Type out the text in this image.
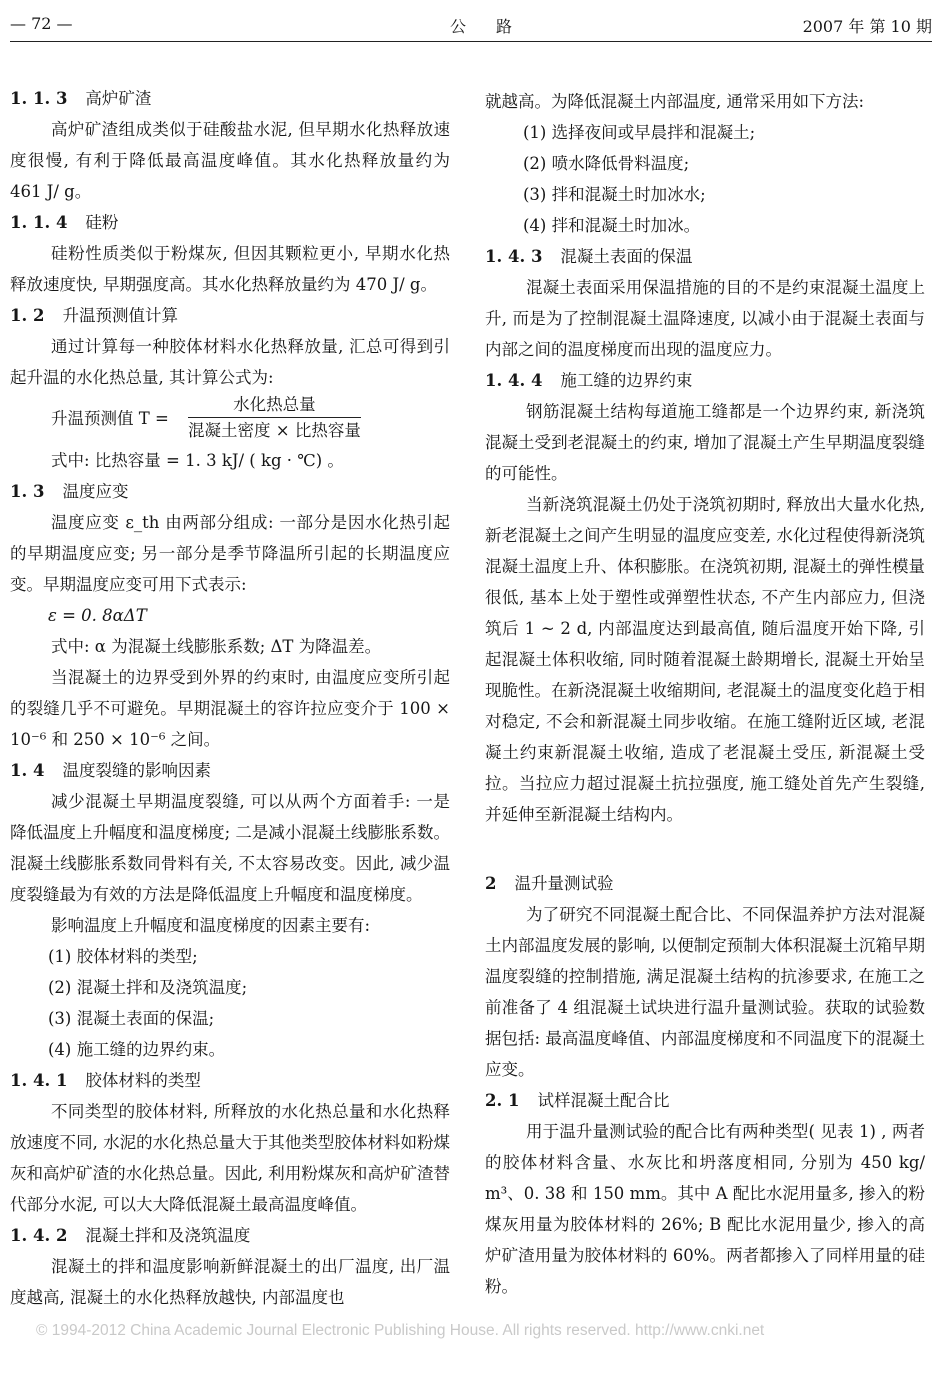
— 72 —	公路	2007 年 第 10 期
1. 1. 3 高炉矿渣

高炉矿渣组成类似于硅酸盐水泥, 但早期水化热释放速度很慢, 有利于降低最高温度峰值。其水化热释放量约为 461 J/ g。

1. 1. 4 硅粉

硅粉性质类似于粉煤灰, 但因其颗粒更小, 早期水化热释放速度快, 早期强度高。其水化热释放量约为 470 J/ g。

1. 2 升温预测值计算

通过计算每一种胶体材料水化热释放量, 汇总可得到引起升温的水化热总量, 其计算公式为:

升温预测值 T =
水化热总量
混凝土密度 × 比热容量

式中: 比热容量 = 1. 3 kJ/ ( kg · ℃) 。

1. 3 温度应变

温度应变 ε_th 由两部分组成: 一部分是因水化热引起的早期温度应变; 另一部分是季节降温所引起的长期温度应变。早期温度应变可用下式表示:

ε = 0. 8αΔT

式中: α 为混凝土线膨胀系数; ΔT 为降温差。

当混凝土的边界受到外界的约束时, 由温度应变所引起的裂缝几乎不可避免。早期混凝土的容许拉应变介于 100 × 10⁻⁶ 和 250 × 10⁻⁶ 之间。

1. 4 温度裂缝的影响因素

减少混凝土早期温度裂缝, 可以从两个方面着手: 一是降低温度上升幅度和温度梯度; 二是减小混凝土线膨胀系数。混凝土线膨胀系数同骨料有关, 不太容易改变。因此, 减少温度裂缝最为有效的方法是降低温度上升幅度和温度梯度。

影响温度上升幅度和温度梯度的因素主要有:

(1) 胶体材料的类型;

(2) 混凝土拌和及浇筑温度;

(3) 混凝土表面的保温;

(4) 施工缝的边界约束。

1. 4. 1 胶体材料的类型

不同类型的胶体材料, 所释放的水化热总量和水化热释放速度不同, 水泥的水化热总量大于其他类型胶体材料如粉煤灰和高炉矿渣的水化热总量。因此, 利用粉煤灰和高炉矿渣替代部分水泥, 可以大大降低混凝土最高温度峰值。

1. 4. 2 混凝土拌和及浇筑温度

混凝土的拌和温度影响新鲜混凝土的出厂温度, 出厂温度越高, 混凝土的水化热释放越快, 内部温度也

就越高。为降低混凝土内部温度, 通常采用如下方法:

(1) 选择夜间或早晨拌和混凝土;

(2) 喷水降低骨料温度;

(3) 拌和混凝土时加冰水;

(4) 拌和混凝土时加冰。

1. 4. 3 混凝土表面的保温

混凝土表面采用保温措施的目的不是约束混凝土温度上升, 而是为了控制混凝土温降速度, 以减小由于混凝土表面与内部之间的温度梯度而出现的温度应力。

1. 4. 4 施工缝的边界约束

钢筋混凝土结构每道施工缝都是一个边界约束, 新浇筑混凝土受到老混凝土的约束, 增加了混凝土产生早期温度裂缝的可能性。

当新浇筑混凝土仍处于浇筑初期时, 释放出大量水化热, 新老混凝土之间产生明显的温度应变差, 水化过程使得新浇筑混凝土温度上升、体积膨胀。在浇筑初期, 混凝土的弹性模量很低, 基本上处于塑性或弹塑性状态, 不产生内部应力, 但浇筑后 1 ~ 2 d, 内部温度达到最高值, 随后温度开始下降, 引起混凝土体积收缩, 同时随着混凝土龄期增长, 混凝土开始呈现脆性。在新浇混凝土收缩期间, 老混凝土的温度变化趋于相对稳定, 不会和新混凝土同步收缩。在施工缝附近区域, 老混凝土约束新混凝土收缩, 造成了老混凝土受压, 新混凝土受拉。当拉应力超过混凝土抗拉强度, 施工缝处首先产生裂缝, 并延伸至新混凝土结构内。

2 温升量测试验

为了研究不同混凝土配合比、不同保温养护方法对混凝土内部温度发展的影响, 以便制定预制大体积混凝土沉箱早期温度裂缝的控制措施, 满足混凝土结构的抗渗要求, 在施工之前准备了 4 组混凝土试块进行温升量测试验。获取的试验数据包括: 最高温度峰值、内部温度梯度和不同温度下的混凝土应变。

2. 1 试样混凝土配合比

用于温升量测试验的配合比有两种类型( 见表 1) , 两者的胶体材料含量、水灰比和坍落度相同, 分别为 450 kg/ m³、0. 38 和 150 mm。其中 A 配比水泥用量多, 掺入的粉煤灰用量为胶体材料的 26%; B 配比水泥用量少, 掺入的高炉矿渣用量为胶体材料的 60%。两者都掺入了同样用量的硅粉。

© 1994-2012 China Academic Journal Electronic Publishing House. All rights reserved. http://www.cnki.net
